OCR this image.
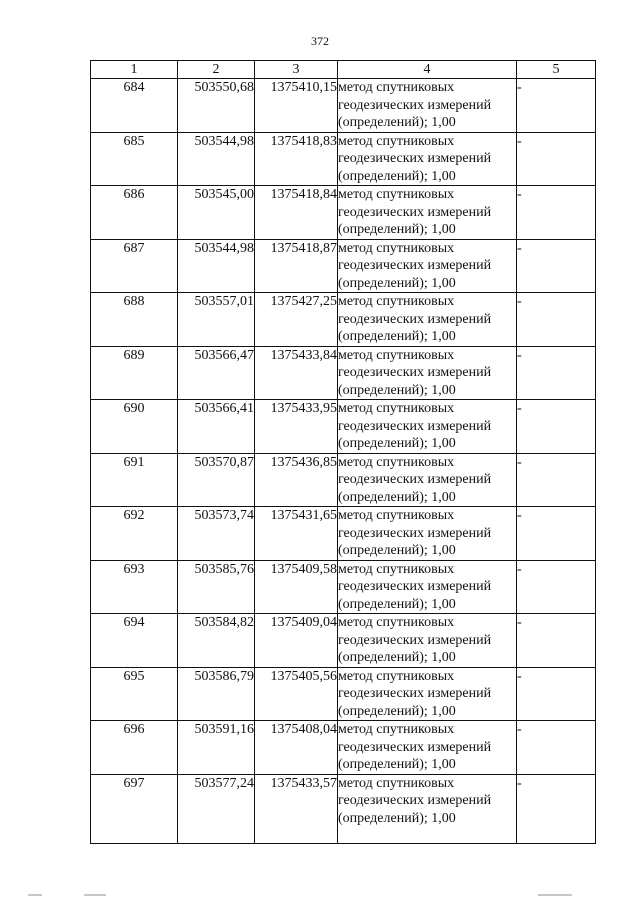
372
1	2	3	4	5
684	503550,68	1375410,15	метод спутниковых
геодезических измерений
(определений); 1,00	-
685	503544,98	1375418,83	метод спутниковых
геодезических измерений
(определений); 1,00	-
686	503545,00	1375418,84	метод спутниковых
геодезических измерений
(определений); 1,00	-
687	503544,98	1375418,87	метод спутниковых
геодезических измерений
(определений); 1,00	-
688	503557,01	1375427,25	метод спутниковых
геодезических измерений
(определений); 1,00	-
689	503566,47	1375433,84	метод спутниковых
геодезических измерений
(определений); 1,00	-
690	503566,41	1375433,95	метод спутниковых
геодезических измерений
(определений); 1,00	-
691	503570,87	1375436,85	метод спутниковых
геодезических измерений
(определений); 1,00	-
692	503573,74	1375431,65	метод спутниковых
геодезических измерений
(определений); 1,00	-
693	503585,76	1375409,58	метод спутниковых
геодезических измерений
(определений); 1,00	-
694	503584,82	1375409,04	метод спутниковых
геодезических измерений
(определений); 1,00	-
695	503586,79	1375405,56	метод спутниковых
геодезических измерений
(определений); 1,00	-
696	503591,16	1375408,04	метод спутниковых
геодезических измерений
(определений); 1,00	-
697	503577,24	1375433,57	метод спутниковых
геодезических измерений
(определений); 1,00	-
